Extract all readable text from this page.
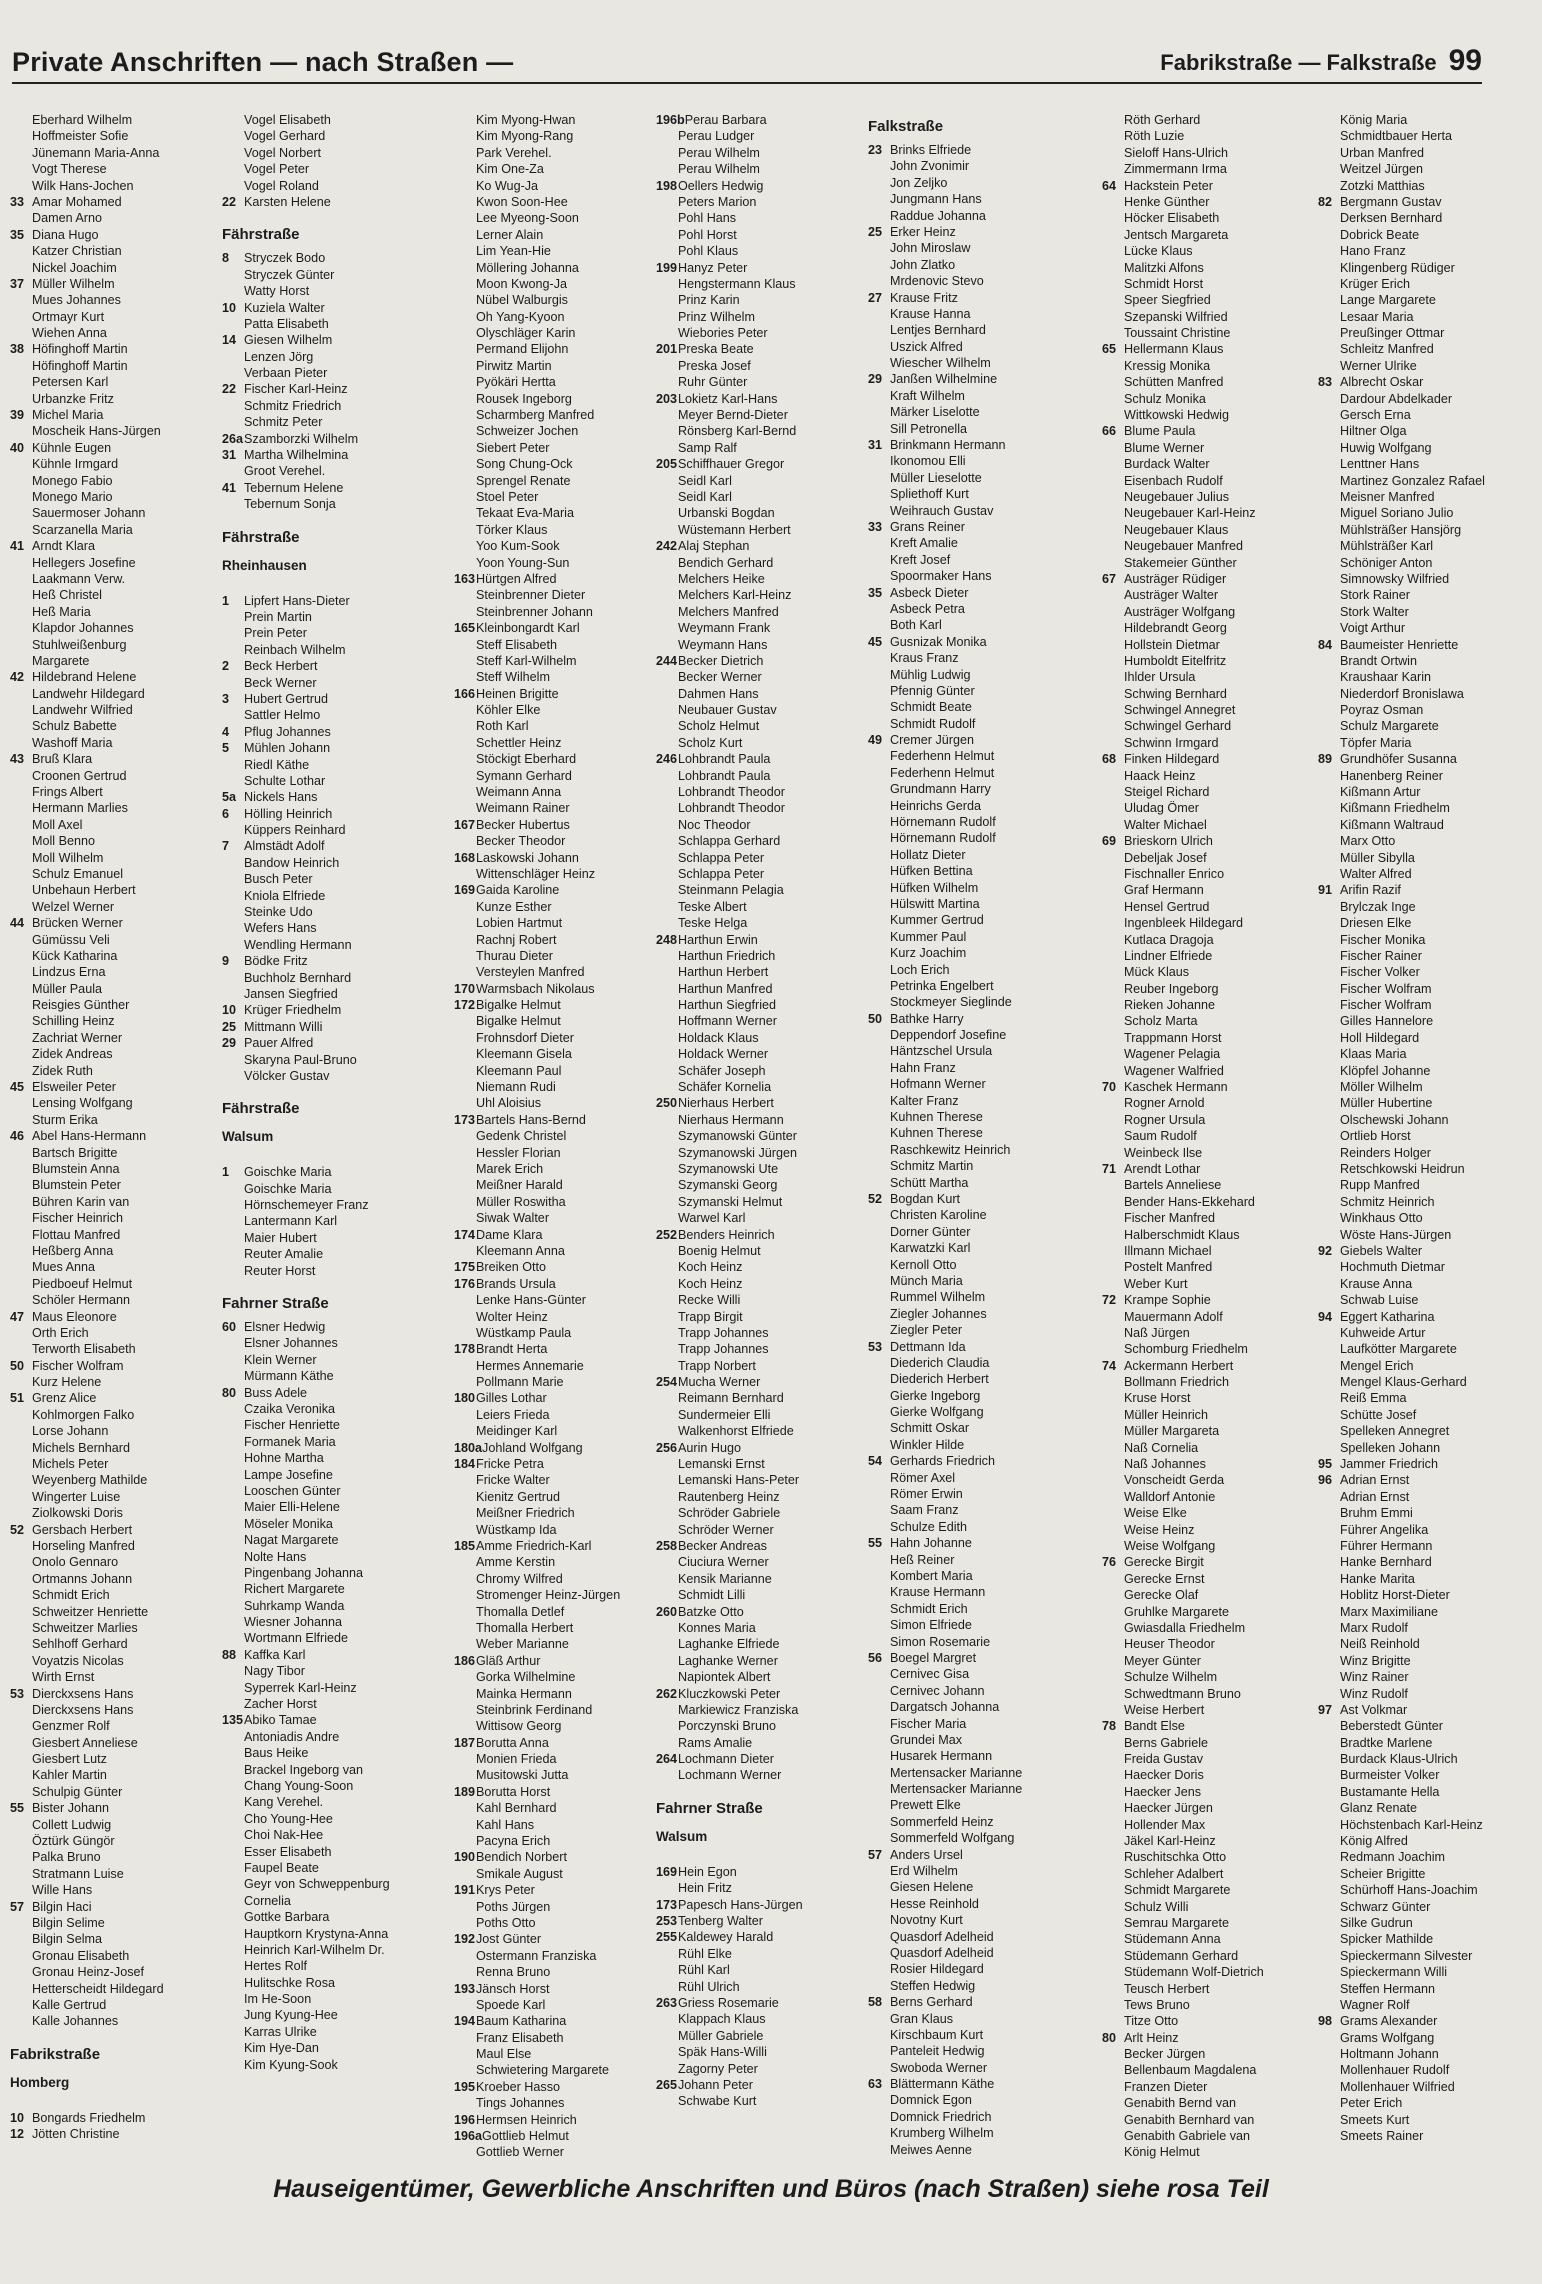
Private Anschriften — nach Straßen —	Fabrikstraße — Falkstraße 99
Eberhard Wilhelm
Hoffmeister Sofie
Jünemann Maria-Anna
Vogt Therese
Wilk Hans-Jochen
33 Amar Mohamed
Damen Arno
35 Diana Hugo
Katzer Christian
Nickel Joachim
37 Müller Wilhelm
Mues Johannes
Ortmayr Kurt
Wiehen Anna
38 Höfinghoff Martin
Höfinghoff Martin
Petersen Karl
Urbanzke Fritz
39 Michel Maria
Moscheik Hans-Jürgen
40 Kühnle Eugen
Kühnle Irmgard
Monego Fabio
Monego Mario
Sauermoser Johann
Scarzanella Maria
41 Arndt Klara
Hellegers Josefine
Laakmann Verw.
Heß Christel
Heß Maria
Klapdor Johannes
Stuhlweißenburg
Margarete
42 Hildebrand Helene
Landwehr Hildegard
Landwehr Wilfried
Schulz Babette
Washoff Maria
43 Bruß Klara
Croonen Gertrud
Frings Albert
Hermann Marlies
Moll Axel
Moll Benno
Moll Wilhelm
Schulz Emanuel
Unbehaun Herbert
Welzel Werner
44 Brücken Werner
Gümüssu Veli
Kück Katharina
Lindzus Erna
Müller Paula
Reisgies Günther
Schilling Heinz
Zachriat Werner
Zidek Andreas
Zidek Ruth
45 Elsweiler Peter
Lensing Wolfgang
Sturm Erika
46 Abel Hans-Hermann
Bartsch Brigitte
Blumstein Anna
Blumstein Peter
Bühren Karin van
Fischer Heinrich
Flottau Manfred
Heßberg Anna
Mues Anna
Piedboeuf Helmut
Schöler Hermann
47 Maus Eleonore
Orth Erich
Terworth Elisabeth
50 Fischer Wolfram
Kurz Helene
51 Grenz Alice
Kohlmorgen Falko
Lorse Johann
Michels Bernhard
Michels Peter
Weyenberg Mathilde
Wingerter Luise
Ziolkowski Doris
52 Gersbach Herbert
Horseling Manfred
Onolo Gennaro
Ortmanns Johann
Schmidt Erich
Schweitzer Henriette
Schweitzer Marlies
Sehlhoff Gerhard
Voyatzis Nicolas
Wirth Ernst
53 Dierckxsens Hans
Dierckxsens Hans
Genzmer Rolf
Giesbert Anneliese
Giesbert Lutz
Kahler Martin
Schulpig Günter
55 Bister Johann
Collett Ludwig
Öztürk Güngör
Palka Bruno
Stratmann Luise
Wille Hans
57 Bilgin Haci
Bilgin Selime
Bilgin Selma
Gronau Elisabeth
Gronau Heinz-Josef
Hetterscheidt Hildegard
Kalle Gertrud
Kalle Johannes
Fabrikstraße
Homberg
10 Bongards Friedhelm
12 Jötten Christine
Vogel Elisabeth
Vogel Gerhard
Vogel Norbert
Vogel Peter
Vogel Roland
22 Karsten Helene
Fährstraße
8 Stryczek Bodo
Stryczek Günter
Watty Horst
10 Kuziela Walter
Patta Elisabeth
14 Giesen Wilhelm
Lenzen Jörg
Verbaan Pieter
22 Fischer Karl-Heinz
Schmitz Friedrich
Schmitz Peter
26aSzamborzki Wilhelm
31 Martha Wilhelmina
Groot Verehel.
41 Tebernum Helene
Tebernum Sonja
Fährstraße
Rheinhausen
1 Lipfert Hans-Dieter
Prein Martin
Prein Peter
Reinbach Wilhelm
2 Beck Herbert
Beck Werner
3 Hubert Gertrud
Sattler Helmo
4 Pflug Johannes
5 Mühlen Johann
Riedl Käthe
Schulte Lothar
5a Nickels Hans
6 Hölling Heinrich
Küppers Reinhard
7 Almstädt Adolf
Bandow Heinrich
Busch Peter
Kniola Elfriede
Steinke Udo
Wefers Hans
Wendling Hermann
9 Bödke Fritz
Buchholz Bernhard
Jansen Siegfried
10 Krüger Friedhelm
25 Mittmann Willi
29 Pauer Alfred
Skaryna Paul-Bruno
Völcker Gustav
Fährstraße
Walsum
1 Goischke Maria
Goischke Maria
Hörnschemeyer Franz
Lantermann Karl
Maier Hubert
Reuter Amalie
Reuter Horst
Fahrner Straße
60 Elsner Hedwig
Elsner Johannes
Klein Werner
Mürmann Käthe
80 Buss Adele
Czaika Veronika
Fischer Henriette
Formanek Maria
Hohne Martha
Lampe Josefine
Looschen Günter
Maier Elli-Helene
Möseler Monika
Nagat Margarete
Nolte Hans
Pingenbang Johanna
Richert Margarete
Suhrkamp Wanda
Wiesner Johanna
Wortmann Elfriede
88 Kaffka Karl
Nagy Tibor
Syperrek Karl-Heinz
Zacher Horst
135Abiko Tamae
Antoniadis Andre
Baus Heike
Brackel Ingeborg van
Chang Young-Soon
Kang Verehel.
Cho Young-Hee
Choi Nak-Hee
Esser Elisabeth
Faupel Beate
Geyr von Schweppenburg
Cornelia
Gottke Barbara
Hauptkorn Krystyna-Anna
Heinrich Karl-Wilhelm Dr.
Hertes Rolf
Hulitschke Rosa
Im He-Soon
Jung Kyung-Hee
Karras Ulrike
Kim Hye-Dan
Kim Kyung-Sook
Kim Myong-Hwan
Kim Myong-Rang
Park Verehel.
Kim One-Za
Ko Wug-Ja
Kwon Soon-Hee
Lee Myeong-Soon
Lerner Alain
Lim Yean-Hie
Möllering Johanna
Moon Kwong-Ja
Nübel Walburgis
Oh Yang-Kyoon
Olyschläger Karin
Permand Elijohn
Pirwitz Martin
Pyökäri Hertta
Rousek Ingeborg
Scharmberg Manfred
Schweizer Jochen
Siebert Peter
Song Chung-Ock
Sprengel Renate
Stoel Peter
Tekaat Eva-Maria
Törker Klaus
Yoo Kum-Sook
Yoon Young-Sun
163Hürtgen Alfred
Steinbrenner Dieter
Steinbrenner Johann
165Kleinbongardt Karl
Steff Elisabeth
Steff Karl-Wilhelm
Steff Wilhelm
166Heinen Brigitte
Köhler Elke
Roth Karl
Schettler Heinz
Stöckigt Eberhard
Symann Gerhard
Weimann Anna
Weimann Rainer
167Becker Hubertus
Becker Theodor
168Laskowski Johann
Wittenschläger Heinz
169Gaida Karoline
Kunze Esther
Lobien Hartmut
Rachnj Robert
Thurau Dieter
Versteylen Manfred
170Warmsbach Nikolaus
172Bigalke Helmut
Bigalke Helmut
Frohnsdorf Dieter
Kleemann Gisela
Kleemann Paul
Niemann Rudi
Uhl Aloisius
173Bartels Hans-Bernd
Gedenk Christel
Hessler Florian
Marek Erich
Meißner Harald
Müller Roswitha
Siwak Walter
174Dame Klara
Kleemann Anna
175Breiken Otto
176Brands Ursula
Lenke Hans-Günter
Wolter Heinz
Wüstkamp Paula
178Brandt Herta
Hermes Annemarie
Pollmann Marie
180Gilles Lothar
Leiers Frieda
Meidinger Karl
180aJohland Wolfgang
184Fricke Petra
Fricke Walter
Kienitz Gertrud
Meißner Friedrich
Wüstkamp Ida
185Amme Friedrich-Karl
Amme Kerstin
Chromy Wilfred
Stromenger Heinz-Jürgen
Thomalla Detlef
Thomalla Herbert
Weber Marianne
186Gläß Arthur
Gorka Wilhelmine
Mainka Hermann
Steinbrink Ferdinand
Wittisow Georg
187Borutta Anna
Monien Frieda
Musitowski Jutta
189Borutta Horst
Kahl Bernhard
Kahl Hans
Pacyna Erich
190Bendich Norbert
Smikale August
191Krys Peter
Poths Jürgen
Poths Otto
192Jost Günter
Ostermann Franziska
Renna Bruno
193Jänsch Horst
Spoede Karl
194Baum Katharina
Franz Elisabeth
Maul Else
Schwietering Margarete
195Kroeber Hasso
Tings Johannes
196Hermsen Heinrich
196aGottlieb Helmut
Gottlieb Werner
196bPerau Barbara
Perau Ludger
Perau Wilhelm
Perau Wilhelm
198Oellers Hedwig
Peters Marion
Pohl Hans
Pohl Horst
Pohl Klaus
199Hanyz Peter
Hengstermann Klaus
Prinz Karin
Prinz Wilhelm
Wiebories Peter
201Preska Beate
Preska Josef
Ruhr Günter
203Lokietz Karl-Hans
Meyer Bernd-Dieter
Rönsberg Karl-Bernd
Samp Ralf
205Schiffhauer Gregor
Seidl Karl
Seidl Karl
Urbanski Bogdan
Wüstemann Herbert
242Alaj Stephan
Bendich Gerhard
Melchers Heike
Melchers Karl-Heinz
Melchers Manfred
Weymann Frank
Weymann Hans
244Becker Dietrich
Becker Werner
Dahmen Hans
Neubauer Gustav
Scholz Helmut
Scholz Kurt
246Lohbrandt Paula
Lohbrandt Paula
Lohbrandt Theodor
Lohbrandt Theodor
Noc Theodor
Schlappa Gerhard
Schlappa Peter
Schlappa Peter
Steinmann Pelagia
Teske Albert
Teske Helga
248Harthun Erwin
Harthun Friedrich
Harthun Herbert
Harthun Manfred
Harthun Siegfried
Hoffmann Werner
Holdack Klaus
Holdack Werner
Schäfer Joseph
Schäfer Kornelia
250Nierhaus Herbert
Nierhaus Hermann
Szymanowski Günter
Szymanowski Jürgen
Szymanowski Ute
Szymanski Georg
Szymanski Helmut
Warwel Karl
252Benders Heinrich
Boenig Helmut
Koch Heinz
Koch Heinz
Recke Willi
Trapp Birgit
Trapp Johannes
Trapp Johannes
Trapp Norbert
254Mucha Werner
Reimann Bernhard
Sundermeier Elli
Walkenhorst Elfriede
256Aurin Hugo
Lemanski Ernst
Lemanski Hans-Peter
Rautenberg Heinz
Schröder Gabriele
Schröder Werner
258Becker Andreas
Ciuciura Werner
Kensik Marianne
Schmidt Lilli
260Batzke Otto
Konnes Maria
Laghanke Elfriede
Laghanke Werner
Napiontek Albert
262Kluczkowski Peter
Markiewicz Franziska
Porczynski Bruno
Rams Amalie
264Lochmann Dieter
Lochmann Werner
Fahrner Straße
Walsum
169Hein Egon
Hein Fritz
173Papesch Hans-Jürgen
253Tenberg Walter
255Kaldewey Harald
Rühl Elke
Rühl Karl
Rühl Ulrich
263Griess Rosemarie
Klappach Klaus
Müller Gabriele
Späk Hans-Willi
Zagorny Peter
265Johann Peter
Schwabe Kurt
Falkstraße
23 Brinks Elfriede
John Zvonimir
Jon Zeljko
Jungmann Hans
Raddue Johanna
25 Erker Heinz
John Miroslaw
John Zlatko
Mrdenovic Stevo
27 Krause Fritz
Krause Hanna
Lentjes Bernhard
Uszick Alfred
Wiescher Wilhelm
29 Janßen Wilhelmine
Kraft Wilhelm
Märker Liselotte
Sill Petronella
31 Brinkmann Hermann
Ikonomou Elli
Müller Lieselotte
Spliethoff Kurt
Weihrauch Gustav
33 Grans Reiner
Kreft Amalie
Kreft Josef
Spoormaker Hans
35 Asbeck Dieter
Asbeck Petra
Both Karl
45 Gusnizak Monika
Kraus Franz
Mühlig Ludwig
Pfennig Günter
Schmidt Beate
Schmidt Rudolf
49 Cremer Jürgen
Federhenn Helmut
Federhenn Helmut
Grundmann Harry
Heinrichs Gerda
Hörnemann Rudolf
Hörnemann Rudolf
Hollatz Dieter
Hüfken Bettina
Hüfken Wilhelm
Hülswitt Martina
Kummer Gertrud
Kummer Paul
Kurz Joachim
Loch Erich
Petrinka Engelbert
Stockmeyer Sieglinde
50 Bathke Harry
Deppendorf Josefine
Häntzschel Ursula
Hahn Franz
Hofmann Werner
Kalter Franz
Kuhnen Therese
Kuhnen Therese
Raschkewitz Heinrich
Schmitz Martin
Schütt Martha
52 Bogdan Kurt
Christen Karoline
Dorner Günter
Karwatzki Karl
Kernoll Otto
Münch Maria
Rummel Wilhelm
Ziegler Johannes
Ziegler Peter
53 Dettmann Ida
Diederich Claudia
Diederich Herbert
Gierke Ingeborg
Gierke Wolfgang
Schmitt Oskar
Winkler Hilde
54 Gerhards Friedrich
Römer Axel
Römer Erwin
Saam Franz
Schulze Edith
55 Hahn Johanne
Heß Reiner
Kombert Maria
Krause Hermann
Schmidt Erich
Simon Elfriede
Simon Rosemarie
56 Boegel Margret
Cernivec Gisa
Cernivec Johann
Dargatsch Johanna
Fischer Maria
Grundei Max
Husarek Hermann
Mertensacker Marianne
Mertensacker Marianne
Prewett Elke
Sommerfeld Heinz
Sommerfeld Wolfgang
57 Anders Ursel
Erd Wilhelm
Giesen Helene
Hesse Reinhold
Novotny Kurt
Quasdorf Adelheid
Quasdorf Adelheid
Rosier Hildegard
Steffen Hedwig
58 Berns Gerhard
Gran Klaus
Kirschbaum Kurt
Panteleit Hedwig
Swoboda Werner
63 Blättermann Käthe
Domnick Egon
Domnick Friedrich
Krumberg Wilhelm
Meiwes Aenne
Röth Gerhard
Röth Luzie
Sieloff Hans-Ulrich
Zimmermann Irma
64 Hackstein Peter
Henke Günther
Höcker Elisabeth
Jentsch Margareta
Lücke Klaus
Malitzki Alfons
Schmidt Horst
Speer Siegfried
Szepanski Wilfried
Toussaint Christine
65 Hellermann Klaus
Kressig Monika
Schütten Manfred
Schulz Monika
Wittkowski Hedwig
66 Blume Paula
Blume Werner
Burdack Walter
Eisenbach Rudolf
Neugebauer Julius
Neugebauer Karl-Heinz
Neugebauer Klaus
Neugebauer Manfred
Stakemeier Günther
67 Austräger Rüdiger
Austräger Walter
Austräger Wolfgang
Hildebrandt Georg
Hollstein Dietmar
Humboldt Eitelfritz
Ihlder Ursula
Schwing Bernhard
Schwingel Annegret
Schwingel Gerhard
Schwinn Irmgard
68 Finken Hildegard
Haack Heinz
Steigel Richard
Uludag Ömer
Walter Michael
69 Brieskorn Ulrich
Debeljak Josef
Fischnaller Enrico
Graf Hermann
Hensel Gertrud
Ingenbleek Hildegard
Kutlaca Dragoja
Lindner Elfriede
Mück Klaus
Reuber Ingeborg
Rieken Johanne
Scholz Marta
Trappmann Horst
Wagener Pelagia
Wagener Walfried
70 Kaschek Hermann
Rogner Arnold
Rogner Ursula
Saum Rudolf
Weinbeck Ilse
71 Arendt Lothar
Bartels Anneliese
Bender Hans-Ekkehard
Fischer Manfred
Halberschmidt Klaus
Illmann Michael
Postelt Manfred
Weber Kurt
72 Krampe Sophie
Mauermann Adolf
Naß Jürgen
Schomburg Friedhelm
74 Ackermann Herbert
Bollmann Friedrich
Kruse Horst
Müller Heinrich
Müller Margareta
Naß Cornelia
Naß Johannes
Vonscheidt Gerda
Walldorf Antonie
Weise Elke
Weise Heinz
Weise Wolfgang
76 Gerecke Birgit
Gerecke Ernst
Gerecke Olaf
Gruhlke Margarete
Gwiasdalla Friedhelm
Heuser Theodor
Meyer Günter
Schulze Wilhelm
Schwedtmann Bruno
Weise Herbert
78 Bandt Else
Berns Gabriele
Freida Gustav
Haecker Doris
Haecker Jens
Haecker Jürgen
Hollender Max
Jäkel Karl-Heinz
Ruschitschka Otto
Schleher Adalbert
Schmidt Margarete
Schulz Willi
Semrau Margarete
Stüdemann Anna
Stüdemann Gerhard
Stüdemann Wolf-Dietrich
Teusch Herbert
Tews Bruno
Titze Otto
80 Arlt Heinz
Becker Jürgen
Bellenbaum Magdalena
Franzen Dieter
Genabith Bernd van
Genabith Bernhard van
Genabith Gabriele van
König Helmut
König Maria
Schmidtbauer Herta
Urban Manfred
Weitzel Jürgen
Zotzki Matthias
82 Bergmann Gustav
Derksen Bernhard
Dobrick Beate
Hano Franz
Klingenberg Rüdiger
Krüger Erich
Lange Margarete
Lesaar Maria
Preußinger Ottmar
Schleitz Manfred
Werner Ulrike
83 Albrecht Oskar
Dardour Abdelkader
Gersch Erna
Hiltner Olga
Huwig Wolfgang
Lenttner Hans
Martinez Gonzalez Rafael
Meisner Manfred
Miguel Soriano Julio
Mühlsträßer Hansjörg
Mühlsträßer Karl
Schöniger Anton
Simnowsky Wilfried
Stork Rainer
Stork Walter
Voigt Arthur
84 Baumeister Henriette
Brandt Ortwin
Kraushaar Karin
Niederdorf Bronislawa
Poyraz Osman
Schulz Margarete
Töpfer Maria
89 Grundhöfer Susanna
Hanenberg Reiner
Kißmann Artur
Kißmann Friedhelm
Kißmann Waltraud
Marx Otto
Müller Sibylla
Walter Alfred
91 Arifin Razif
Brylczak Inge
Driesen Elke
Fischer Monika
Fischer Rainer
Fischer Volker
Fischer Wolfram
Fischer Wolfram
Gilles Hannelore
Holl Hildegard
Klaas Maria
Klöpfel Johanne
Möller Wilhelm
Müller Hubertine
Olschewski Johann
Ortlieb Horst
Reinders Holger
Retschkowski Heidrun
Rupp Manfred
Schmitz Heinrich
Winkhaus Otto
Wöste Hans-Jürgen
92 Giebels Walter
Hochmuth Dietmar
Krause Anna
Schwab Luise
94 Eggert Katharina
Kuhweide Artur
Laufkötter Margarete
Mengel Erich
Mengel Klaus-Gerhard
Reiß Emma
Schütte Josef
Spelleken Annegret
Spelleken Johann
95 Jammer Friedrich
96 Adrian Ernst
Adrian Ernst
Bruhm Emmi
Führer Angelika
Führer Hermann
Hanke Bernhard
Hanke Marita
Hoblitz Horst-Dieter
Marx Maximiliane
Marx Rudolf
Neiß Reinhold
Winz Brigitte
Winz Rainer
Winz Rudolf
97 Ast Volkmar
Beberstedt Günter
Bradtke Marlene
Burdack Klaus-Ulrich
Burmeister Volker
Bustamante Hella
Glanz Renate
Höchstenbach Karl-Heinz
König Alfred
Redmann Joachim
Scheier Brigitte
Schürhoff Hans-Joachim
Schwarz Günter
Silke Gudrun
Spicker Mathilde
Spieckermann Silvester
Spieckermann Willi
Steffen Hermann
Wagner Rolf
98 Grams Alexander
Grams Wolfgang
Holtmann Johann
Mollenhauer Rudolf
Mollenhauer Wilfried
Peter Erich
Smeets Kurt
Smeets Rainer
Hauseigentümer, Gewerbliche Anschriften und Büros (nach Straßen) siehe rosa Teil
